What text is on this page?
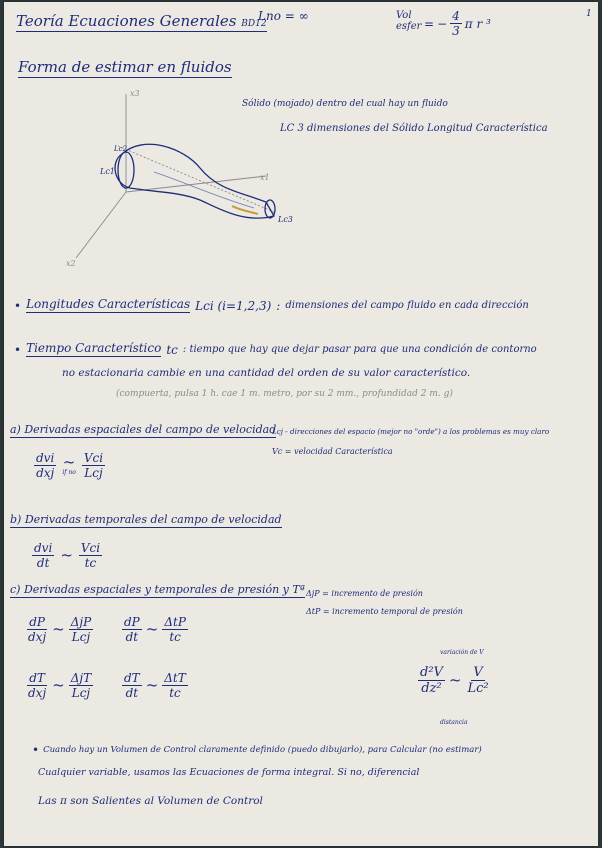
Teoría Ecuaciones Generales BD12
Lno = ∞	Vol
esfer = − $\frac{4}{3}$ π r ³
1
Forma de estimar en fluidos
x3
x1
x2
Lc2
Lc1
Lc3
Sólido (mojado) dentro del cual hay un fluido
LC 3 dimensiones del Sólido Longitud Característica
• Longitudes Características Lci (i=1,2,3) : dimensiones del campo fluido en cada dirección
• Tiempo Característico tc : tiempo que hay que dejar pasar para que una condición de contorno
no estacionaria cambie en una cantidad del orden de su valor característico.
(compuerta, pulsa 1 h. cae 1 m. metro, por su 2 mm., profundidad 2 m. g)
a) Derivadas espaciales del campo de velocidad
Lcj - direcciones del espacio (mejor no "orde") a los problemas es muy claro
Vc = velocidad Característica
$\frac{\text{dvi}}{\text{dxj}}$ ~
if no $\frac{\text{Vci}}{\text{Lcj}}$
b) Derivadas temporales del campo de velocidad
$\frac{\text{dvi}}{dt}$ ~ $\frac{\text{Vci}}{tc}$
c) Derivadas espaciales y temporales de presión y Tª ΔjP = incremento de presión
ΔtP = incremento temporal de presión
$\frac{dP}{\text{dxj}}$ ~ $\frac{\text{ΔjP}}{\text{Lcj}} \frac{dP}{dt}$ ~ $\frac{\text{ΔtP}}{tc}$
$\frac{dT}{\text{dxj}}$ ~ $\frac{\text{ΔjT}}{\text{Lcj}} \frac{dT}{dt}$ ~ $\frac{\text{ΔtT}}{tc}$
variación de V
$\frac{\text{d²V}}{\text{dz²}}$ ~ $\frac{V}{\text{Lc²}}$
distancia
• Cuando hay un Volumen de Control claramente definido (puedo dibujarlo), para Calcular (no estimar)
Cualquier variable, usamos las Ecuaciones de forma integral. Si no, diferencial
Las π son Salientes al Volumen de Control
